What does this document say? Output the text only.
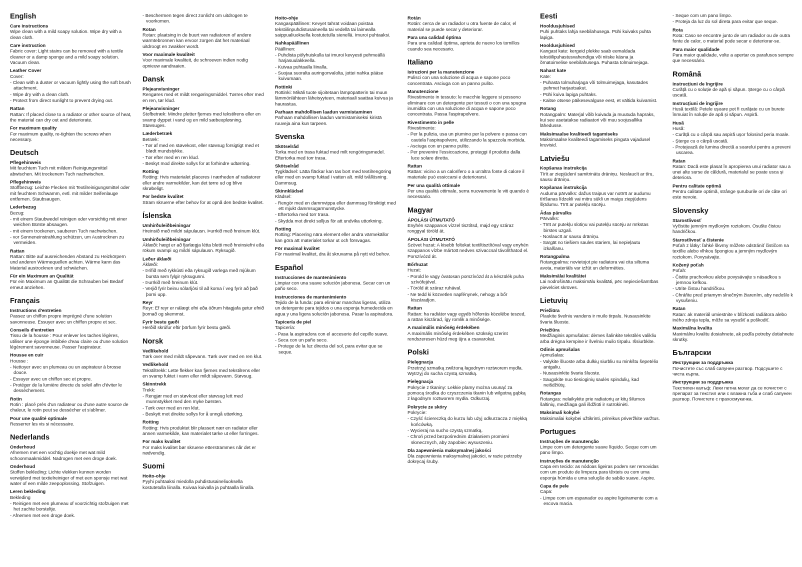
English
Care instructions
Wipe clean with a mild soapy solution. Wipe dry with a clean cloth.
Care instruction
Fabric cover: Light stains can be removed with a textile cleaner or a damp sponge and a mild soapy solution. Vacuum clean.
Leather Cover
Cover:
- Clean with a duster or vacuum lightly using the soft brush attachment.
- Wipe dry with a clean cloth.
- Protect from direct sunlight to prevent drying out.
Rattan
Rattan: If placed close to a radiator or other source of heat, the material can dry out and deteriorate.
For maximum quality
For maximum quality, re-tighten the screws when necessary.
Deutsch
Pflegehinweis
Mit feuchtem Tuch mit mildem Reinigungsmittel abwischen. Mit trockenem Tuch nachwischen.
Pflegehinweis
Stoffbezug: Leichte Flecken mit Textilreinigungsmittel oder mit feuchtem Schwamm, evtl. mit milder Seifenlauge entfernen. Staubsaugen.
Lederbezug
Bezug:
- mit einem Staubwedel reinigen oder vorsichtig mit einer weichen Bürste absaugen.
- mit einem trockenen, sauberen Tuch nachwischen.
- vor Sonneneinstrahlung schützen, um Austrocknen zu vermeiden.
Rattan
Rattan: Bitte auf ausreichenden Abstand zu Heizkörpern und anderen Wärmequellen achten. Wärme kann das Material austrocknen und schwächen.
Für ein Maximum an Qualität
Für ein Maximum an Qualität die Schrauben bei Bedarf erneut anziehen.
Français
Instructions d'entretien
Passez un chiffon propre imprégné d'une solution savonneuse. Essuyer avec un chiffon propre et sec.
Conseils d'entretien
Tissu de la housse : Pour enlever les taches légères, utiliser une éponge imbibée d'eau claire ou d'une solution légèrement savonneuse. Passer l'aspirateur.
Housse en cuir
Housse :
- Nettoyer avec un plumeau ou un aspirateur à brosse douce.
- Essuyer avec un chiffon sec et propre.
- Protéger de la lumière directe du soleil afin d'éviter le dessèchement.
Rotin
Rotin : placé près d'un radiateur ou d'une autre source de chaleur, le rotin peut se dessécher et s'abîmer.
Pour une qualité optimale
Resserrer les vis si nécessaire.
Nederlands
Onderhoud
Afnemen met een vochtig doekje met wat mild schoonmaakmiddel. Nadrogen met een droge doek.
Onderhoud
Stoffen bekleding: Lichte vlekken kunnen worden verwijderd met textielreiniger of met een sponsje met wat water of een milde zeepoplossing. Stofzuigen.
Leren bekleding
Bekleding
- Reinigen met een plumeau of voorzichtig stofzuigen met het zachte borsteltje.
- Afnemen met een droge doek.
- Beschermen tegen direct zonlicht om uitdrogen te voorkomen.
Rotan
Rotan: plaatsing in de buurt van radiatoren of andere warmtebronnen kan ervoor zorgen dat het materiaal uitdroogt en zwakker wordt.
Voor maximale kwaliteit
Voor maximale kwaliteit, de schroeven indien nodig opnieuw aandraaien.
Dansk
Plejeanvisninger
Rengøres med et mildt rengøringsmiddel. Tørres efter med en ren, tør klud.
Plejeanvisninger
Stofbetræk: Mindre pletter fjernes med tekstilrens eller en svamp dyppet i vand og en mild sæbeopløsning. Støvsuges.
Læderbetræk
Betræk:
- Tør af med en støvekost, eller støvsug forsigtigt med et blødt mundstykke.
- Tør efter med en ren klud.
- Beskyt mod direkte sollys for at forhindre udtørring.
Rotting
Rotting: Hvis materialet placeres i nærheden af radiatorer eller andre varmekilder, kan det tørre ud og blive skrøbeligt.
For bedste kvalitet
Stram skruerne efter behov for at opnå den bedste kvalitet.
Íslenska
Umhirðuleiðbeiningar
Hreinsið með mildri sápulausn. Þurrkið með hreinum klút.
Umhirðuleiðbeiningar
Áklæði: hægt er að fjarlægja létta bletti með hreinsiefni eða rökum svampi og mildri sápulausn. Ryksugið.
Leður áklæði
Áklæði:
- Þrífið með rykkústi eða ryksugið varlega með mjúkum bursta sem fylgir ryksugunni.
- Þurrkið með hreinum klút.
- Verjið fyrir beinu sólarljósi til að koma í veg fyrir að það þorni upp.
Reyr
Reyr: Ef reyr er nálægt ofni eða öðrum hitagjafa getur efnið þornað og skemmst.
Fyrir bestu gæði
Herðið skrúfur eftir þörfum fyrir bestu gæði.
Norsk
Vedlikehold
Tørk over med mildt såpevann. Tørk over med en ren klut.
Vedlikehold
Tekstiltrekk: Lette flekker kan fjernes med tekstilrens eller en svamp fuktet i vann eller mildt såpevann. Støvsug.
Skinntrekk
Trekk:
- Rengjør med en støvkost eller støvsug lett med munnstykket med den myke børsten.
- Tørk over med en ren klut.
- Beskytt mot direkte sollys for å unngå uttørking.
Rotting
Rotting: Hvis produktet blir plassert nær en radiator eller annen varmekilde, kan materialet tørke ut eller forringes.
For maks kvalitet
For maks kvalitet bør skruene etterstrammes når det er nødvendig.
Suomi
Hoito-ohje
Pyyhi puhtaaksi miedolla puhdistusaineliuoksella kostutetulla liinalla. Kuivaa kuivalla ja puhtaalla liinalla.
Hoito-ohje
Kangaspäällinen: Kevyet tahrat voidaan poistaa tekstiilinpuhdistusaineella tai vedellä tai laimealla saippualiuoksella kostutetulla sienellä. Imuroi puhtaaksi.
Nahkapäällinen
Päällinen:
- Puhdista pölyhuiskulla tai imuroi kevyesti pehmeällä harjasuulakkeella.
- Kuivaa puhtaalla liinalla.
- Suojaa suoralta auringonvalolta, jottei nahka pääse kuivumaan.
Rottinki
Rottinki: Mikäli tuote sijoitetaan lämpöpatterin tai muun lämmönlähteen läheisyyteen, materiaali saattaa kuivua ja haurastua.
Parhaan mahdollisen laadun varmistaminen
Parhaan mahdollisen laadun varmistamiseksi kiristä ruuveja aina kun tarpeen.
Svenska
Skötselråd
Torka med en trasa fuktad med milt rengöringsmedel. Eftertorka med torr trasa.
Skötselråd
Tygklädsel: Lätta fläckar kan tas bort med textilrengöring eller med en svamp fuktad i vatten alt. mild tvållösning. Dammsug.
Skinnklädsel
Klädsel:
- Rengör med en dammvippa eller dammsug försiktigt med ett mjukt dammsugarmunstycke.
- Eftertorka med torr trasa.
- Skydda mot direkt solljus för att undvika uttorkning.
Rotting
Rotting: Placering nära element eller andra värmekällor kan göra att materialet torkar ut och försvagas.
För maximal kvalitet
För maximal kvalitet, dra åt skruvarna på nytt vid behov.
Español
Instrucciones de mantenimiento
Limpiar con una suave solución jabonosa. Secar con un paño seco.
Instrucciones de mantenimiento
Tejido de la funda: para eliminar manchas ligeras, utiliza un detergente para tejidos o una esponja humedecida en agua y una ligera solución jabonosa. Pasar la aspiradora.
Tapicería de piel
Tapicería:
- Pasa la aspiradora con el accesorio del cepillo suave.
- Seca con un paño seco.
- Protege de la luz directa del sol, para evitar que se seque.
Rotán
Rotán: cerca de un radiador u otra fuente de calor, el material se puede secar y deteriorar.
Para una calidad óptima
Para una calidad óptima, aprieta de nuevo los tornillos cuando sea necesario.
Italiano
Istruzioni per la manutenzione
Pulisci con una soluzione di acqua e sapone poco concentrata. Asciuga con un panno pulito.
Manutenzione
Rivestimento in tessuto: le macchie leggere si possono eliminare con un detergente per tessuti o con una spugna inumidita con una soluzione di acqua e sapone poco concentrata. Passa l'aspirapolvere.
Rivestimento in pelle
Rivestimento:
- Per la pulizia, usa un piumino per la polvere o passa con cautela l'aspirapolvere, utilizzando la spazzola morbida.
- Asciuga con un panno pulito.
- Per prevenire l'essiccazione, proteggi il prodotto dalla luce solare diretta.
Rattan
Rattan: vicino a un calorifero o a un'altra fonte di calore il materiale può essiccarsi e deteriorarsi.
Per una qualità ottimale
Per una qualità ottimale, serra nuovamente le viti quando è necessario.
Magyar
ÁPOLÁSI ÚTMUTATÓ
Enyhén szappanos vízzel tisztítsd, majd egy száraz ronggyal töröld át.
ÁPOLÁSI ÚTMUTATÓ
Szövet huzat: A kisebb foltokat textiltisztítóval vagy enyhén szappanos vízbe mártott nedves szivaccsal távolíthatod el. Porszívózd át.
Bőrhuzat
Huzat:
- Porold le vagy óvatosan porszívózd át a készülék puha szívófejével.
- Töröld át száraz ruhával.
- Ne tedd ki közvetlen napfénynek, nehogy a bőr kiszáradjon.
Rattan
Rattan: ha radiátor vagy egyéb hőforrás közelébe teszed, a rattan kiszárad, így romlik a minősége.
A maximális minőség érdekében
A maximális minőség érdekében szükség szerint rendszeresen húzd meg újra a csavarokat.
Polski
Pielęgnacja
Przetrzyj szmatką zwilżoną łagodnym roztworem mydła. Wytrzyj do sucha czystą szmatką.
Pielęgnacja
Pokrycie z tkaniny: Lekkie plamy można usunąć za pomocą środka do czyszczenia tkanin lub wilgotną gąbką z łagodnym roztworem mydła. Odkurzaj.
Pokrycie ze skóry
Pokrycie:
- Czyść ściereczką do kurzu lub użyj odkurzacza z miękką końcówką.
- Wycieraj na sucho czystą szmatką.
- Chroń przed bezpośrednim działaniem promieni słonecznych, aby zapobiec wysuszeniu.
Dla zapewnienia maksymalnej jakości
Dla zapewnienia maksymalnej jakości, w razie potrzeby dokręcaj śruby.
Eesti
Hooldusjuhised
Puhi puhtaks lahja seebilahusega. Pühi kuivaks puhta lapiga.
Hooldusjuhised
Kangast kate: kergeid plekke saab eemaldada tekstiilipuhastusvahendiga või niiske käsna ja õrnatoimelise seebilahusega. Puhasta tolmuimejaga.
Nahast kate
Kate:
- Puhasta tolmuharjaga või tolmuimejaga, kasutades pehmet harjaotsakut.
- Pühi kuiva lapiga puhtaks.
- Kaitse otsese päikesevalguse eest, et vältida kuivamist.
Rotang
Rotangpalm: Materjal võib kuivada ja muutuda hapraks, kui see asetatakse radiaatori või muu soojusallika lähedusse.
Maksimaalse kvaliteedi tagamiseks
Maksimaalse kvaliteedi tagamiseks pinguta vajadusel kruvisid.
Latviešu
Kopšanas instrukcija
Tīrīt ar ziepjūdenī samitrinātu drāniņu. Noslaucīt ar tīru, sausu drāniņu.
Kopšanas instrukcija
Auduma pārvalks: dažus traipus var notīrīt ar audumu tīrīšanas līdzekli vai mitru sūkli un maigu ziepjūdens šķīdumu. Tīrīt ar putekļu sūcēju.
Ādas pārvalks
Pārvalks:
- Tīrīt ar putekļu slotiņu vai putekļu sūcēju ar mīkstas birstes uzgali.
- Noslaucīt ar sausu drāniņu.
- Sargāt no tiešiem saules stariem, lai nepieļautu izkalšanu.
Rotangpalma
Rotangpalma: novietojot pie radiatora vai cita siltuma avota, materiāls var izžūt un deformēties.
Maksimālai kvalitātei
Lai nodrošinātu maksimālu kvalitāti, pēc nepieciešamības pievelciet skrūves.
Lietuvių
Priežiūra
Plaukite švelniu vandens ir muilo tirpalu. Nusausinkite švaria šluoste.
Priežiūra
Medžiaginis apmušalas: dėmes šalinkite tekstilės valikliu arba drėgna kempine ir švelniu muilo tirpalu. Išsiurbkite.
Odinis apmušalas
Apmušalas:
- Valykite šluoste arba dulkių siurbliu su minkštu šepetėlio antgaliu.
- Nusausinkite švaria šluoste.
- Saugokite nuo tiesioginių saulės spindulių, kad neišdžiūtų.
Rotangas
Rotangas: nelaikykite prie radiatorių ar kitų šilumos šaltinių, medžiaga gali išdžiūti ir sutrūkinėti.
Maksimali kokybė
Maksimaliai kokybei užtikrinti, prireikus priveržkite varžtus.
Portugues
Instruções de manutenção
Limpe com um detergente suave líquido. Seque com um pano limpo.
Instruções de manutenção
Capa em tecido: as nódoas ligeiras podem ser removidas com um produto de limpeza para têxteis ou com uma esponja húmida e uma solução de sabão suave. Aspire.
Capa de pele
Capa:
- Limpe com um espanador ou aspire ligeiramente com a escova macia.
- Seque com um pano limpo.
- Proteja da luz do sol direta para evitar que seque.
Rota
Rota: Caso se encontre junto de um radiador ou de outra fonte de calor, o material pode secar e deteriorar-se.
Para maior qualidade
Para maior qualidade, volte a apertar os parafusos sempre que necessário.
Română
Instrucțiuni de îngrijire
Curăță cu o soluție de apă și săpun. Șterge cu o cârpă uscată.
Instrucțiuni de îngrijire
Husă textilă: Petele ușoare pot fi curățate cu un burete înmuiat în soluție de apă și săpun. Aspiră.
Husă
Husă:
- Curăță cu o cârpă sau aspiră ușor folosind peria moale.
- Șterge cu o cârpă uscată.
- Protejează de lumina directă a soarelui pentru a preveni uscarea.
Ratan
Ratan: Dacă este plasat în apropierea unui radiator sau a unei alte surse de căldură, materialul se poate usca și deteriora.
Pentru calitate optimă
Pentru calitate optimă, strânge șuruburile ori de câte ori este nevoie.
Slovensky
Starostlivosť
Vyčistite jemným mydlovým roztokom. Osušte čistou handričkou.
Starostlivosť a čistenie
Poťah z látky: ľahké škvrny môžete odstrániť čističom na textílie alebo vlhkou špongiou a jemným mydlovým roztokom. Povysávajte.
Kožený poťah
Poťah:
- Čistite prachovkou alebo povysávajte s násadkou s jemnou kefkou.
- Utrite čistou handričkou.
- Chráňte pred priamym slnečným žiarením, aby nedošlo k vysušeniu.
Ratan
Ratan: ak materiál umiestnite v blízkosti radiátora alebo iného zdroja tepla, môže sa vysušiť a poškodiť.
Maximálna kvalita
Maximálnu kvalitu dosiahnete, ak podľa potreby dotiahnete skrutky.
Български
Инструкции за поддръжка
Почистете със слаб сапунен разтвор. Подсушете с чиста кърпа.
Инструкции за поддръжка
Текстилен калъф: Леки петна могат да се почистят с препарат за текстил или с влажна гъба и слаб сапунен разтвор. Почистете с прахосмукачка.
